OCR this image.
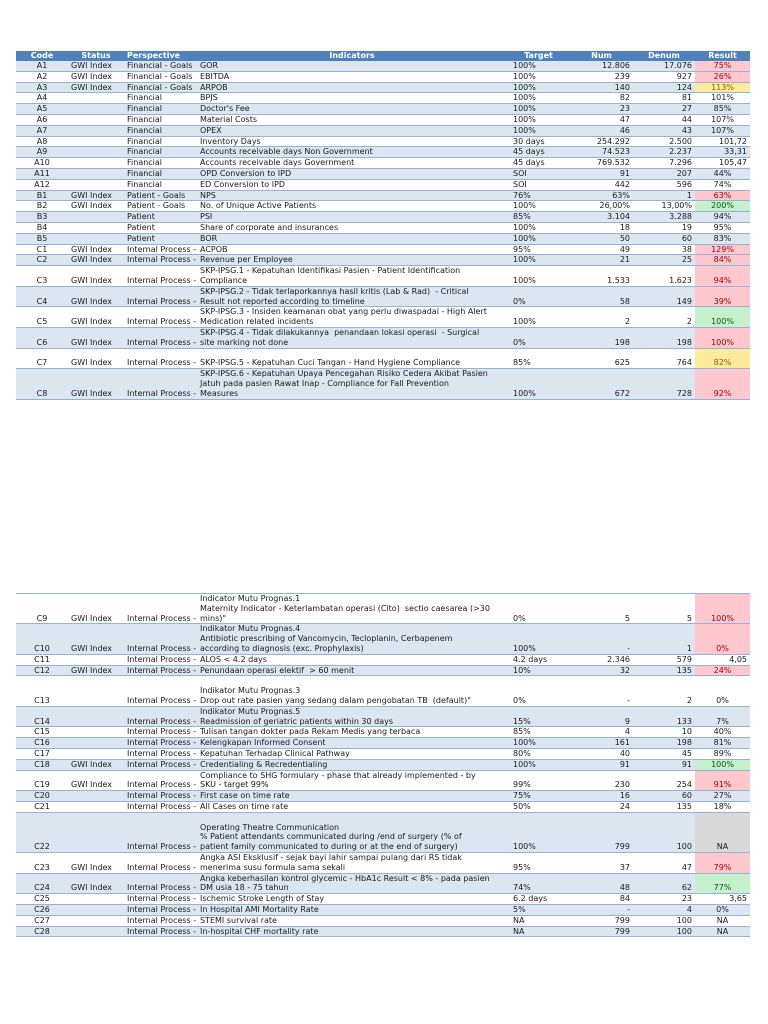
Code	Status	Perspective	Indicators	Target	Num	Denum	Result
A1	GWI Index	Financial - Goals	GOR	100%	12.806	17.076	75%
A2	GWI Index	Financial - Goals	EBITDA	100%	239	927	26%
A3	GWI Index	Financial - Goals	ARPOB	100%	140	124	113%
A4		Financial	BPJS	100%	82	81	101%
A5		Financial	Doctor's Fee	100%	23	27	85%
A6		Financial	Material Costs	100%	47	44	107%
A7		Financial	OPEX	100%	46	43	107%
A8		Financial	Inventory Days	30 days	254.292	2.500	101,72
A9		Financial	Accounts receivable days Non Government	45 days	74.523	2.237	33,31
A10		Financial	Accounts receivable days Government	45 days	769.532	7.296	105,47
A11		Financial	OPD Conversion to IPD	SOI	91	207	44%
A12		Financial	ED Conversion to IPD	SOI	442	596	74%
B1	GWI Index	Patient - Goals	NPS	76%	63%	1	63%
B2	GWI Index	Patient - Goals	No. of Unique Active Patients	100%	26,00%	13,00%	200%
B3		Patient	PSI	85%	3.104	3.288	94%
B4		Patient	Share of corporate and insurances	100%	18	19	95%
B5		Patient	BOR	100%	50	60	83%
C1	GWI Index	Internal Process -	ACPOB	95%	49	38	129%
C2	GWI Index	Internal Process -	Revenue per Employee	100%	21	25	84%
C3	GWI Index	Internal Process -	SKP-IPSG.1 - Kepatuhan Identifikasi Pasien - Patient Identification
Compliance	100%	1.533	1.623	94%
C4	GWI Index	Internal Process -	SKP-IPSG.2 - Tidak terlaporkannya hasil kritis (Lab & Rad)  - Critical
Result not reported according to timeline	0%	58	149	39%
C5	GWI Index	Internal Process -	SKP-IPSG.3 - Insiden keamanan obat yang perlu diwaspadai - High Alert
Medication related incidents	100%	2	2	100%
C6	GWI Index	Internal Process -	SKP-IPSG.4 - Tidak dilakukannya  penandaan lokasi operasi  - Surgical
site marking not done	0%	198	198	100%
C7	GWI Index	Internal Process -	
SKP-IPSG.5 - Kepatuhan Cuci Tangan - Hand Hygiene Compliance	85%	625	764	82%
C8	GWI Index	Internal Process -	SKP-IPSG.6 - Kepatuhan Upaya Pencegahan Risiko Cedera Akibat Pasien
Jatuh pada pasien Rawat Inap - Compliance for Fall Prevention
Measures	100%	672	728	92%
C9	GWI Index	Internal Process -	Indicator Mutu Prognas.1
Maternity Indicator - Keterlambatan operasi (Cito)  sectio caesarea (>30
mins)"	0%	5	5	100%
C10	GWI Index	Internal Process -	Indikator Mutu Prognas.4
Antibiotic prescribing of Vancomycin, Tecloplanin, Cerbapenem
according to diagnosis (exc. Prophylaxis)	100%	-	1	0%
C11		Internal Process -	ALOS < 4.2 days	4.2 days	2.346	579	4,05
C12	GWI Index	Internal Process -	Penundaan operasi elektif  > 60 menit	10%	32	135	24%
C13		Internal Process -	
Indikator Mutu Prognas.3
Drop out rate pasien yang sedang dalam pengobatan TB  (default)"	0%	-	2	0%
C14		Internal Process -	Indikator Mutu Prognas.5
Readmission of geriatric patients within 30 days	15%	9	133	7%
C15		Internal Process -	Tulisan tangan dokter pada Rekam Medis yang terbaca	85%	4	10	40%
C16		Internal Process -	Kelengkapan Informed Consent	100%	161	198	81%
C17		Internal Process -	Kepatuhan Terhadap Clinical Pathway	80%	40	45	89%
C18	GWI Index	Internal Process -	Credentialing & Recredentialing	100%	91	91	100%
C19	GWI Index	Internal Process -	Compliance to SHG formulary - phase that already implemented - by
SKU - target 99%	99%	230	254	91%
C20		Internal Process -	First case on time rate	75%	16	60	27%
C21		Internal Process -	All Cases on time rate	50%	24	135	18%
C22		Internal Process -	
Operating Theatre Communication
% Patient attendants communicated during /end of surgery (% of
patient family communicated to during or at the end of surgery)	100%	799	100	NA
C23	GWI Index	Internal Process -	Angka ASI Eksklusif - sejak bayi lahir sampai pulang dari RS tidak
menerima susu formula sama sekali	95%	37	47	79%
C24	GWI Index	Internal Process -	Angka keberhasilan kontrol glycemic - HbA1c Result < 8% - pada pasien
DM usia 18 - 75 tahun	74%	48	62	77%
C25		Internal Process -	Ischemic Stroke Length of Stay	6.2 days	84	23	3,65
C26		Internal Process -	In Hospital AMI Mortality Rate	5%	-	4	0%
C27		Internal Process -	STEMI survival rate	NA	799	100	NA
C28		Internal Process -	In-hospital CHF mortality rate	NA	799	100	NA
